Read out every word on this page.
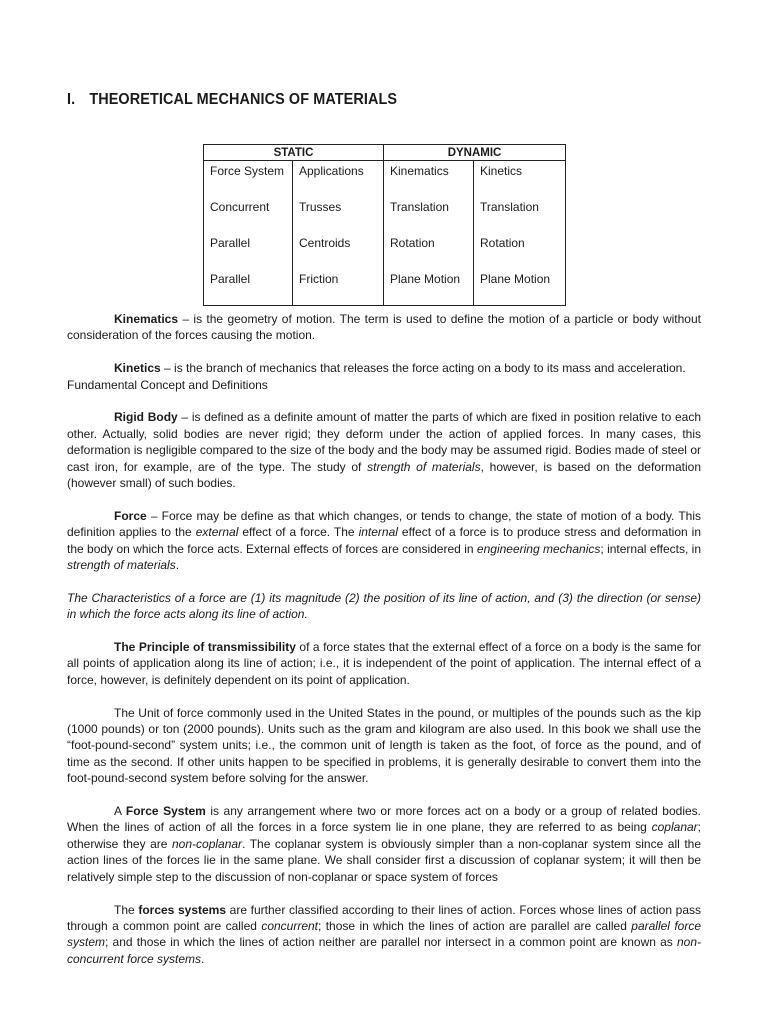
I. THEORETICAL MECHANICS OF MATERIALS
STATIC		DYNAMIC	
Force System	Applications	Kinematics	Kinetics
Concurrent	Trusses	Translation	Translation
Parallel	Centroids	Rotation	Rotation
Parallel	Friction	Plane Motion	Plane Motion

Kinematics – is the geometry of motion. The term is used to define the motion of a particle or body without consideration of the forces causing the motion.

Kinetics – is the branch of mechanics that releases the force acting on a body to its mass and acceleration.

Fundamental Concept and Definitions

Rigid Body – is defined as a definite amount of matter the parts of which are fixed in position relative to each other. Actually, solid bodies are never rigid; they deform under the action of applied forces. In many cases, this deformation is negligible compared to the size of the body and the body may be assumed rigid. Bodies made of steel or cast iron, for example, are of the type. The study of strength of materials, however, is based on the deformation (however small) of such bodies.

Force – Force may be define as that which changes, or tends to change, the state of motion of a body. This definition applies to the external effect of a force. The internal effect of a force is to produce stress and deformation in the body on which the force acts. External effects of forces are considered in engineering mechanics; internal effects, in strength of materials.

The Characteristics of a force are (1) its magnitude (2) the position of its line of action, and (3) the direction (or sense) in which the force acts along its line of action.

The Principle of transmissibility of a force states that the external effect of a force on a body is the same for all points of application along its line of action; i.e., it is independent of the point of application. The internal effect of a force, however, is definitely dependent on its point of application.

The Unit of force commonly used in the United States in the pound, or multiples of the pounds such as the kip (1000 pounds) or ton (2000 pounds). Units such as the gram and kilogram are also used. In this book we shall use the “foot-pound-second” system units; i.e., the common unit of length is taken as the foot, of force as the pound, and of time as the second. If other units happen to be specified in problems, it is generally desirable to convert them into the foot-pound-second system before solving for the answer.

A Force System is any arrangement where two or more forces act on a body or a group of related bodies. When the lines of action of all the forces in a force system lie in one plane, they are referred to as being coplanar; otherwise they are non-coplanar. The coplanar system is obviously simpler than a non-coplanar system since all the action lines of the forces lie in the same plane. We shall consider first a discussion of coplanar system; it will then be relatively simple step to the discussion of non-coplanar or space system of forces

The forces systems are further classified according to their lines of action. Forces whose lines of action pass through a common point are called concurrent; those in which the lines of action are parallel are called parallel force system; and those in which the lines of action neither are parallel nor intersect in a common point are known as non-concurrent force systems.
